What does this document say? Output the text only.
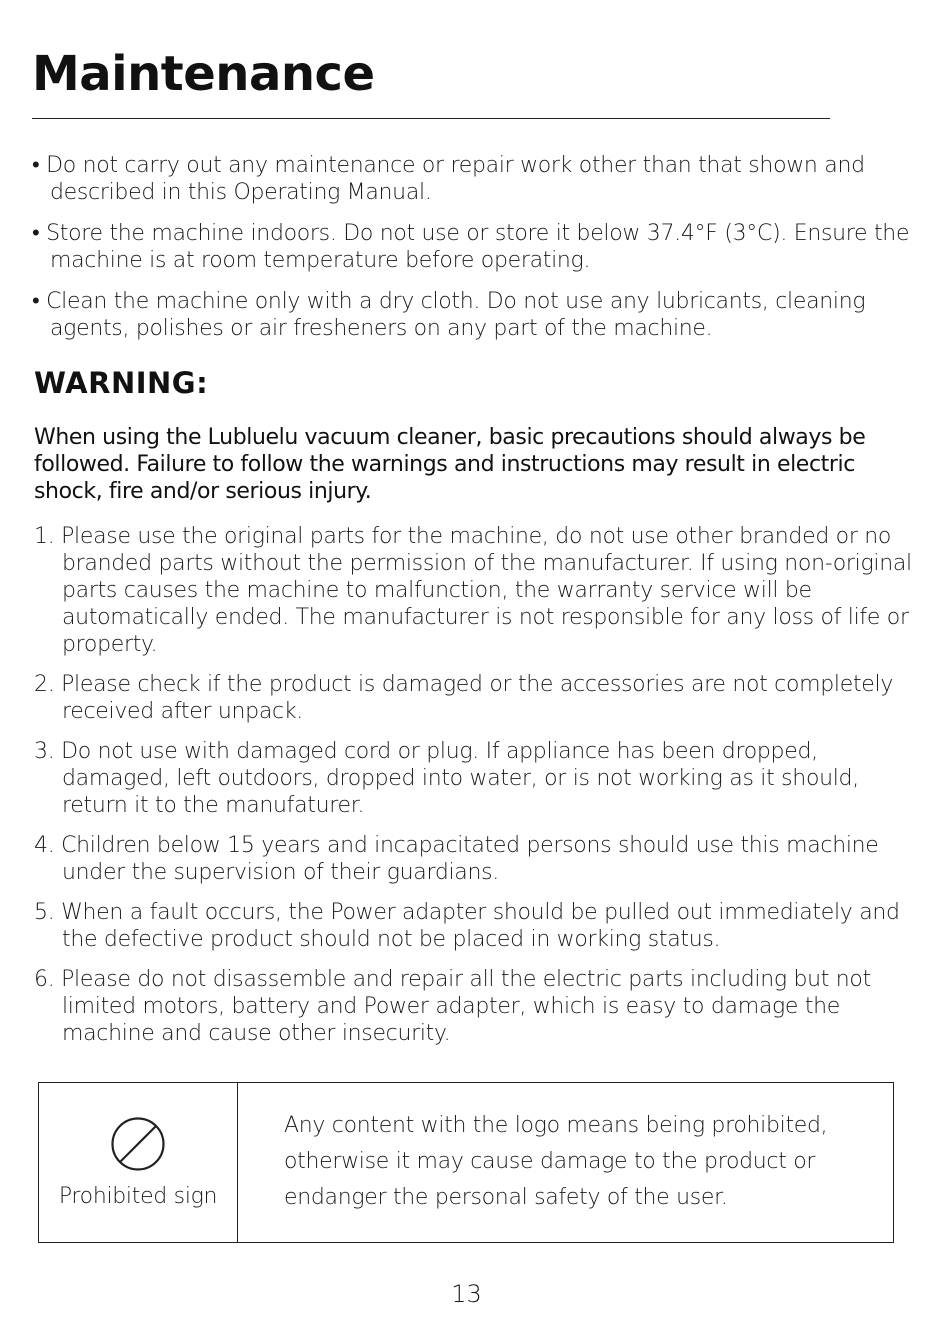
Maintenance
• Do not carry out any maintenance or repair work other than that shown and described in this Operating Manual.
• Store the machine indoors. Do not use or store it below 37.4°F (3°C). Ensure the machine is at room temperature before operating.
• Clean the machine only with a dry cloth. Do not use any lubricants, cleaning agents, polishes or air fresheners on any part of the machine.
WARNING:

When using the Lubluelu vacuum cleaner, basic precautions should always be followed. Failure to follow the warnings and instructions may result in electric shock, fire and/or serious injury.

1. Please use the original parts for the machine, do not use other branded or no branded parts without the permission of the manufacturer. If using non-original parts causes the machine to malfunction, the warranty service will be automatically ended. The manufacturer is not responsible for any loss of life or property.
2. Please check if the product is damaged or the accessories are not completely received after unpack.
3. Do not use with damaged cord or plug. If appliance has been dropped, damaged, left outdoors, dropped into water, or is not working as it should, return it to the manufaturer.
4. Children below 15 years and incapacitated persons should use this machine under the supervision of their guardians.
5. When a fault occurs, the Power adapter should be pulled out immediately and the defective product should not be placed in working status.
6. Please do not disassemble and repair all the electric parts including but not limited motors, battery and Power adapter, which is easy to damage the machine and cause other insecurity.
Prohibited sign
Any content with the logo means being prohibited, otherwise it may cause damage to the product or endanger the personal safety of the user.
13
